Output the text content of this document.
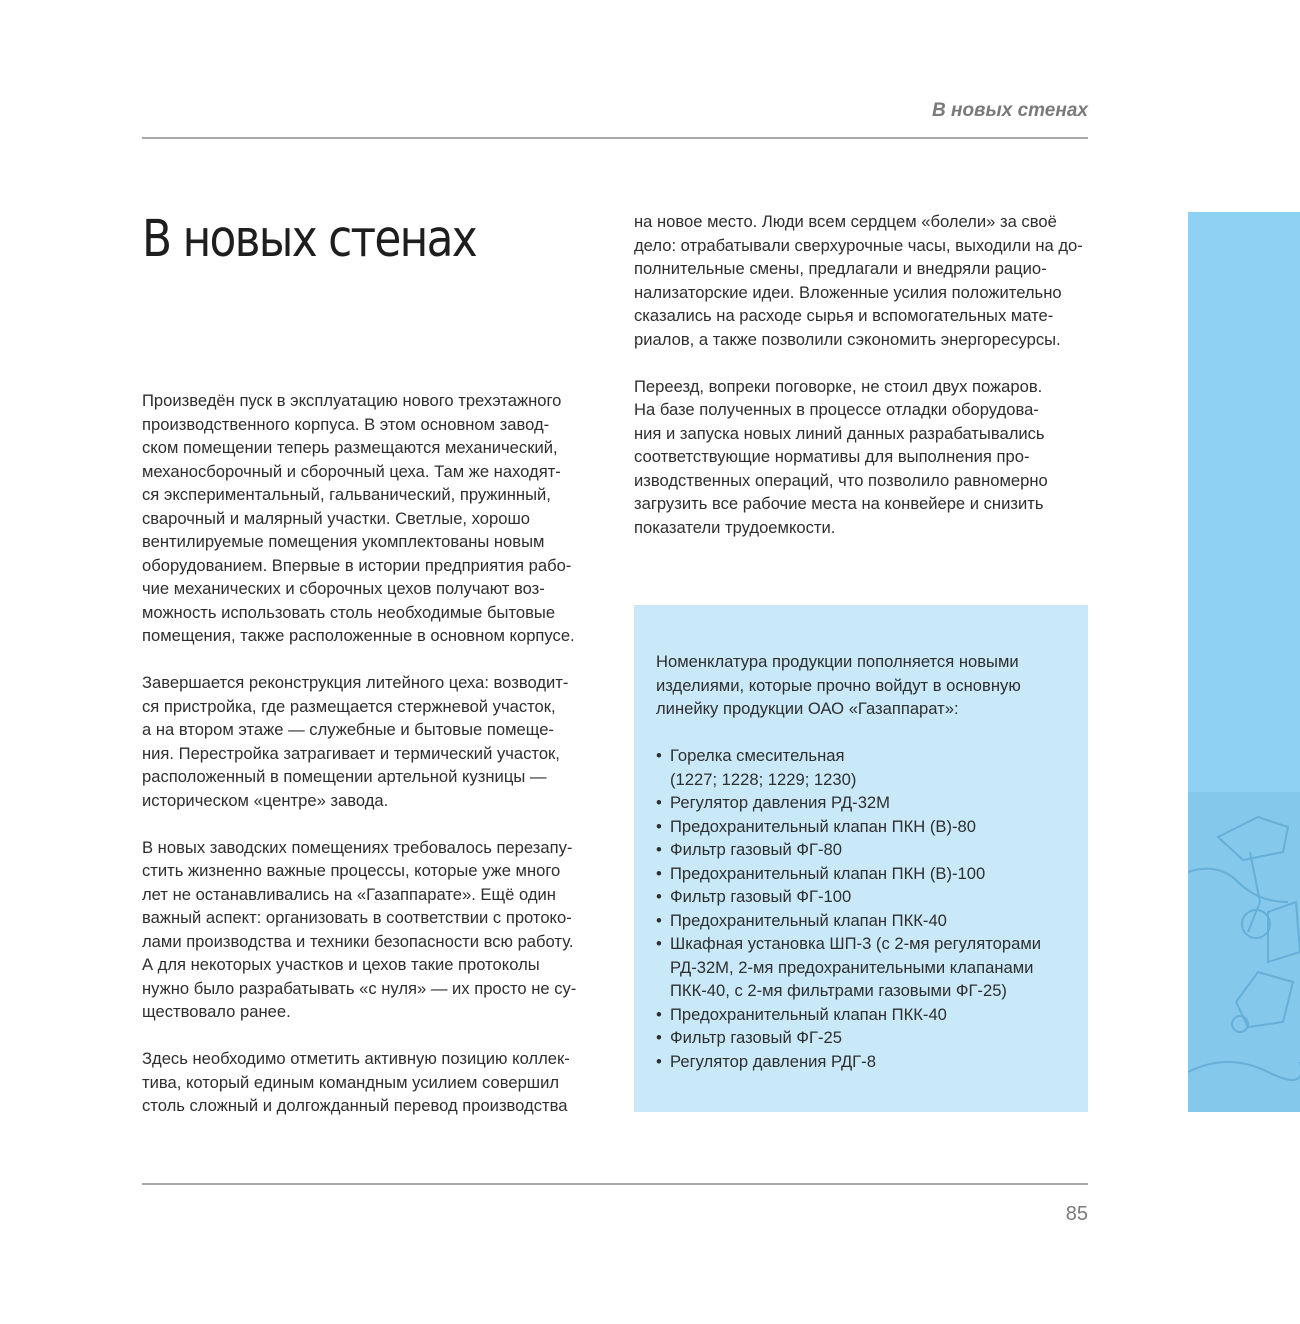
В новых стенах
В новых стенах

Произведён пуск в эксплуатацию нового трехэтажного
производственного корпуса. В этом основном завод-
ском помещении теперь размещаются механический,
механосборочный и сборочный цеха. Там же находят-
ся экспериментальный, гальванический, пружинный,
сварочный и малярный участки. Светлые, хорошо
вентилируемые помещения укомплектованы новым
оборудованием. Впервые в истории предприятия рабо-
чие механических и сборочных цехов получают воз-
можность использовать столь необходимые бытовые
помещения, также расположенные в основном корпусе.

Завершается реконструкция литейного цеха: возводит-
ся пристройка, где размещается стержневой участок,
а на втором этаже — служебные и бытовые помеще-
ния. Перестройка затрагивает и термический участок,
расположенный в помещении артельной кузницы —
историческом «центре» завода.

В новых заводских помещениях требовалось перезапу-
стить жизненно важные процессы, которые уже много
лет не останавливались на «Газаппарате». Ещё один
важный аспект: организовать в соответствии с протоко-
лами производства и техники безопасности всю работу.
А для некоторых участков и цехов такие протоколы
нужно было разрабатывать «с нуля» — их просто не су-
ществовало ранее.

Здесь необходимо отметить активную позицию коллек-
тива, который единым командным усилием совершил
столь сложный и долгожданный перевод производства

на новое место. Люди всем сердцем «болели» за своё
дело: отрабатывали сверхурочные часы, выходили на до-
полнительные смены, предлагали и внедряли рацио-
нализаторские идеи. Вложенные усилия положительно
сказались на расходе сырья и вспомогательных мате-
риалов, а также позволили сэкономить энергоресурсы.

Переезд, вопреки поговорке, не стоил двух пожаров.
На базе полученных в процессе отладки оборудова-
ния и запуска новых линий данных разрабатывались
соответствующие нормативы для выполнения про-
изводственных операций, что позволило равномерно
загрузить все рабочие места на конвейере и снизить
показатели трудоемкости.

Номенклатура продукции пополняется новыми
изделиями, которые прочно войдут в основную
линейку продукции ОАО «Газаппарат»:

• Горелка смесительная
(1227; 1228; 1229; 1230)
• Регулятор давления РД-32М
• Предохранительный клапан ПКН (В)-80
• Фильтр газовый ФГ-80
• Предохранительный клапан ПКН (В)-100
• Фильтр газовый ФГ-100
• Предохранительный клапан ПКК-40
• Шкафная установка ШП-3 (с 2-мя регуляторами
РД-32М, 2-мя предохранительными клапанами
ПКК-40, с 2-мя фильтрами газовыми ФГ-25)
• Предохранительный клапан ПКК-40
• Фильтр газовый ФГ-25
• Регулятор давления РДГ-8
85
